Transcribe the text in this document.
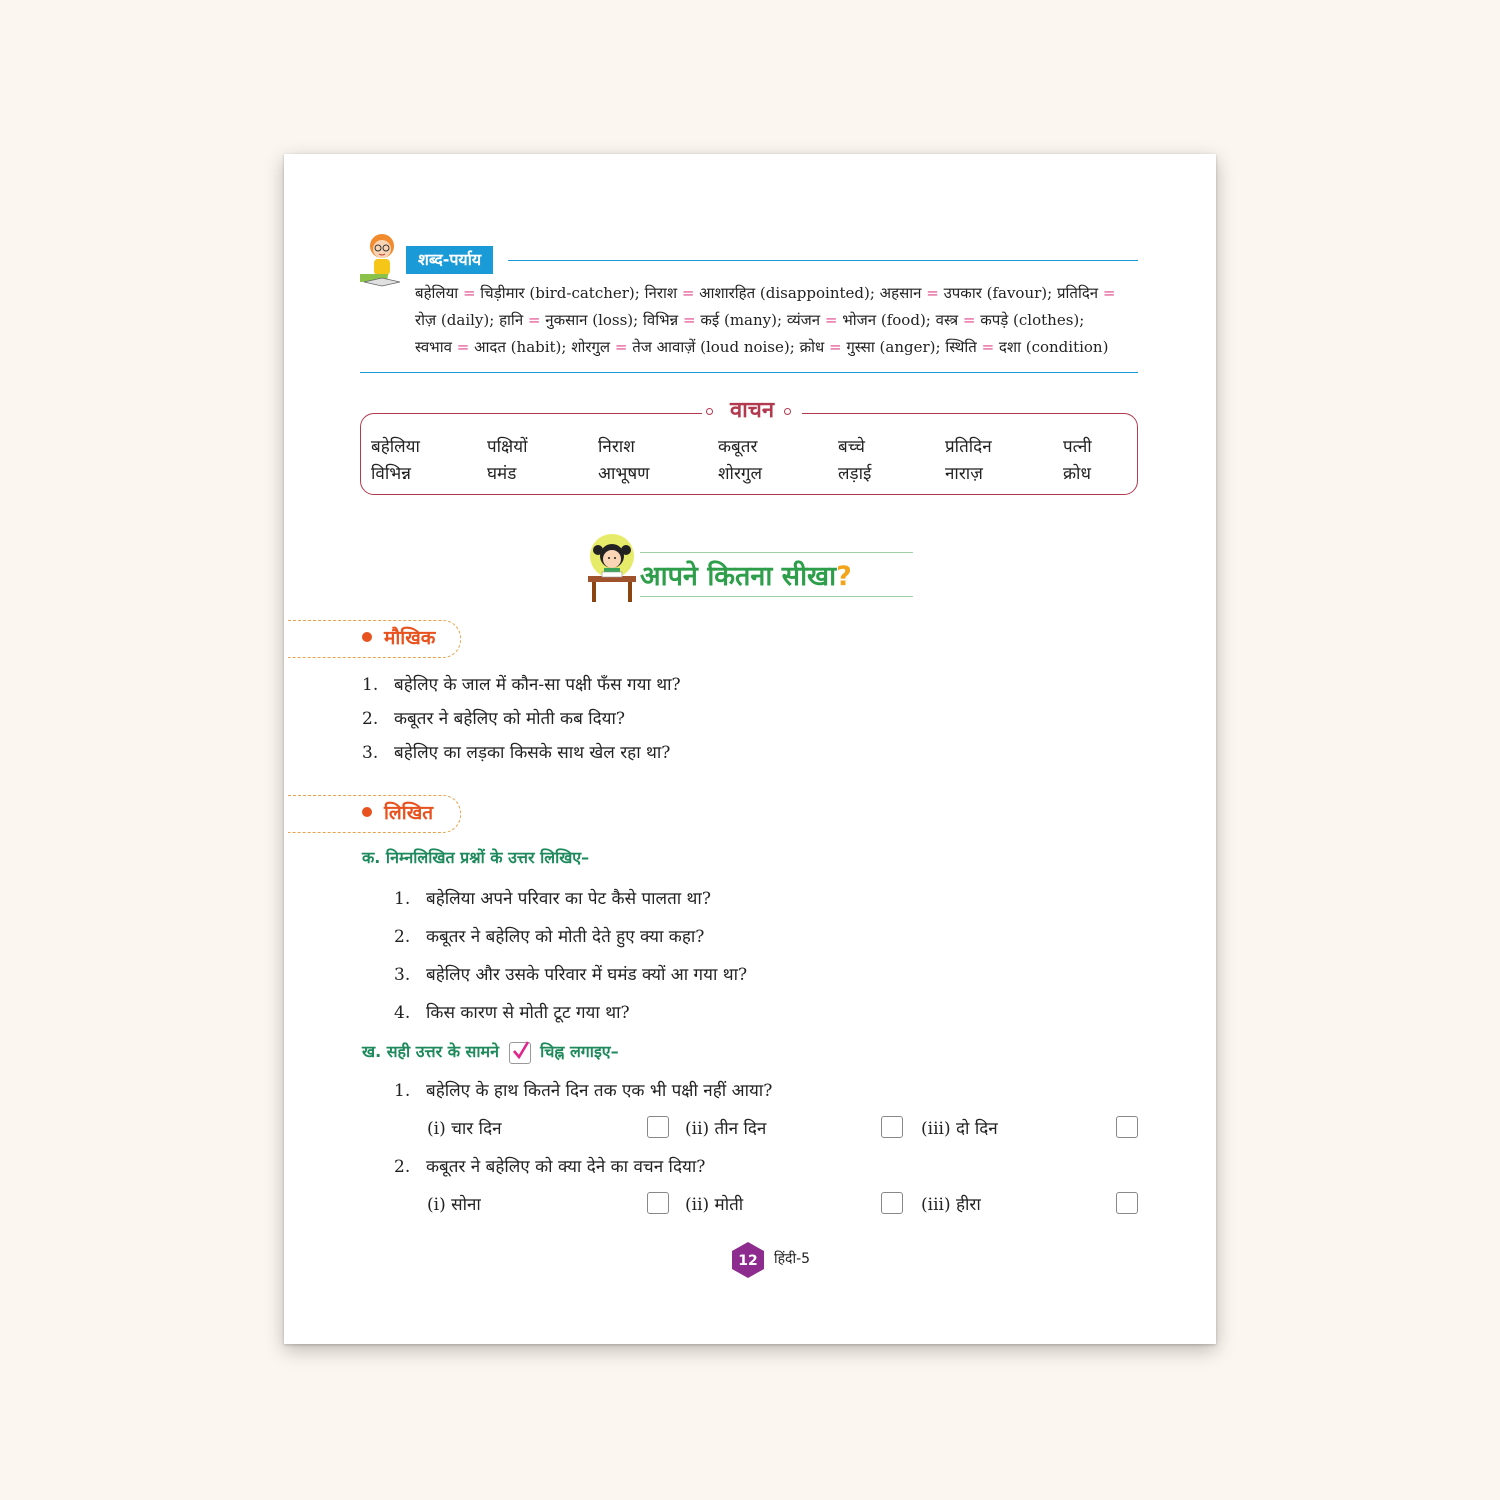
शब्द-पर्याय
बहेलिया = चिड़ीमार (bird-catcher); निराश = आशारहित (disappointed); अहसान = उपकार (favour); प्रतिदिन =
रोज़ (daily); हानि = नुकसान (loss); विभिन्न = कई (many); व्यंजन = भोजन (food); वस्त्र = कपड़े (clothes);
स्वभाव = आदत (habit); शोरगुल = तेज आवाज़ें (loud noise); क्रोध = गुस्सा (anger); स्थिति = दशा (condition)
वाचन
बहेलिया	पक्षियों	निराश	कबूतर	बच्चे	प्रतिदिन	पत्नी
विभिन्न	घमंड	आभूषण	शोरगुल	लड़ाई	नाराज़	क्रोध
आपने कितना सीखा?
मौखिक
1. बहेलिए के जाल में कौन-सा पक्षी फँस गया था?
2. कबूतर ने बहेलिए को मोती कब दिया?
3. बहेलिए का लड़का किसके साथ खेल रहा था?
लिखित
क. निम्नलिखित प्रश्नों के उत्तर लिखिए–
1. बहेलिया अपने परिवार का पेट कैसे पालता था?
2. कबूतर ने बहेलिए को मोती देते हुए क्या कहा?
3. बहेलिए और उसके परिवार में घमंड क्यों आ गया था?
4. किस कारण से मोती टूट गया था?
ख. सही उत्तर के सामने	चिह्न लगाइए–
1. बहेलिए के हाथ कितने दिन तक एक भी पक्षी नहीं आया?
(i) चार दिन	(ii) तीन दिन	(iii) दो दिन
2. कबूतर ने बहेलिए को क्या देने का वचन दिया?
(i) सोना	(ii) मोती	(iii) हीरा
12 हिंदी-5
